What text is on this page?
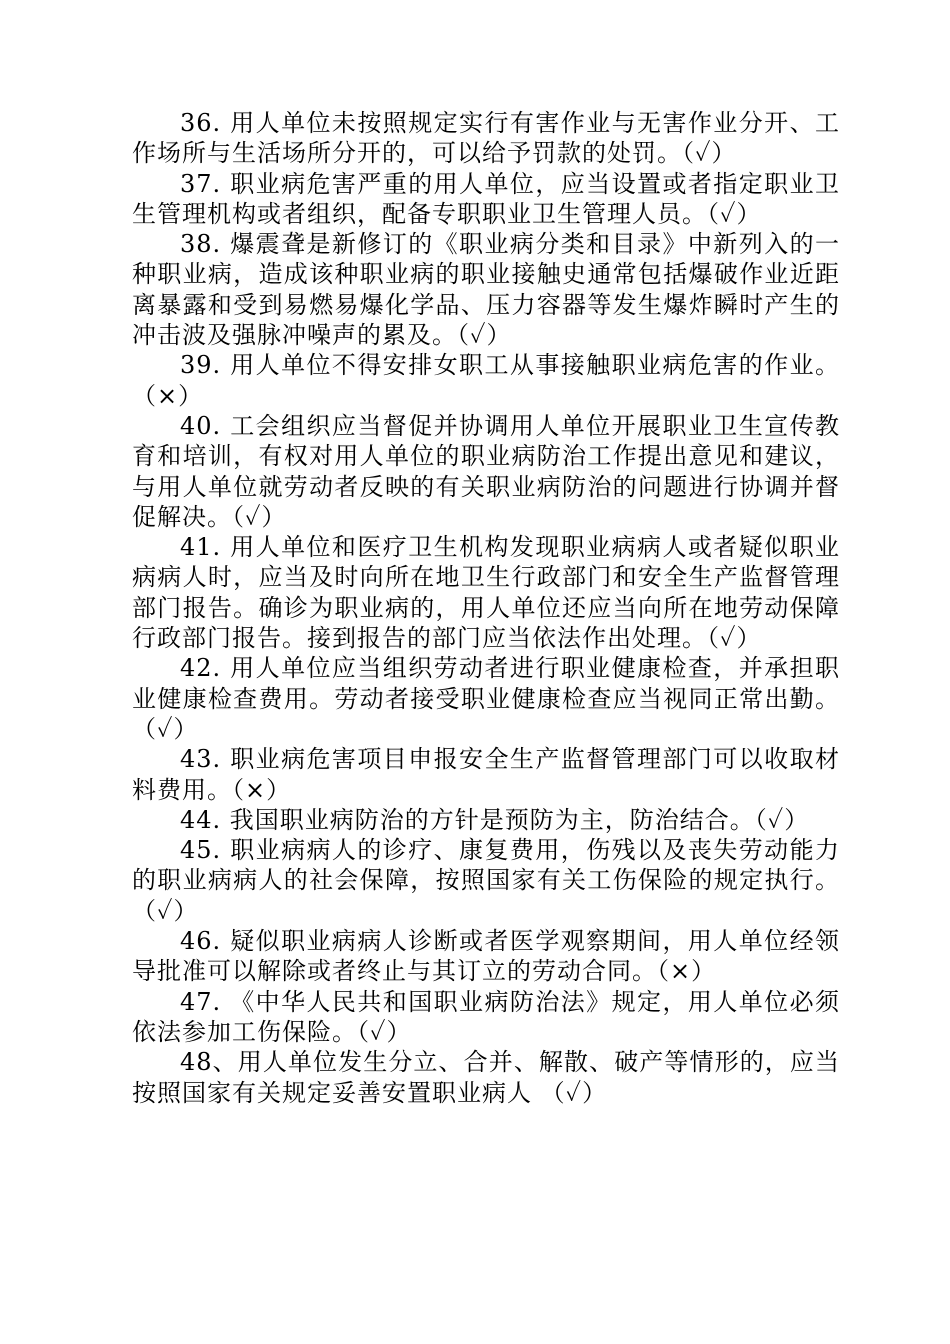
36. 用人单位未按照规定实行有害作业与无害作业分开、工作场所与生活场所分开的，可以给予罚款的处罚。（✓）

37. 职业病危害严重的用人单位，应当设置或者指定职业卫生管理机构或者组织，配备专职职业卫生管理人员。（✓）

38. 爆震聋是新修订的《职业病分类和目录》中新列入的一种职业病，造成该种职业病的职业接触史通常包括爆破作业近距离暴露和受到易燃易爆化学品、压力容器等发生爆炸瞬时产生的冲击波及强脉冲噪声的累及。（✓）

39. 用人单位不得安排女职工从事接触职业病危害的作业。（×）

40. 工会组织应当督促并协调用人单位开展职业卫生宣传教育和培训，有权对用人单位的职业病防治工作提出意见和建议，与用人单位就劳动者反映的有关职业病防治的问题进行协调并督促解决。（✓）

41. 用人单位和医疗卫生机构发现职业病病人或者疑似职业病病人时，应当及时向所在地卫生行政部门和安全生产监督管理部门报告。确诊为职业病的，用人单位还应当向所在地劳动保障行政部门报告。接到报告的部门应当依法作出处理。（✓）

42. 用人单位应当组织劳动者进行职业健康检查，并承担职业健康检查费用。劳动者接受职业健康检查应当视同正常出勤。（✓）

43. 职业病危害项目申报安全生产监督管理部门可以收取材料费用。（×）

44. 我国职业病防治的方针是预防为主，防治结合。（✓）

45. 职业病病人的诊疗、康复费用，伤残以及丧失劳动能力的职业病病人的社会保障，按照国家有关工伤保险的规定执行。 （✓）

46. 疑似职业病病人诊断或者医学观察期间，用人单位经领导批准可以解除或者终止与其订立的劳动合同。（×）

47. 《中华人民共和国职业病防治法》规定，用人单位必须依法参加工伤保险。（✓）

48、用人单位发生分立、合并、解散、破产等情形的，应当按照国家有关规定妥善安置职业病人 （✓）
